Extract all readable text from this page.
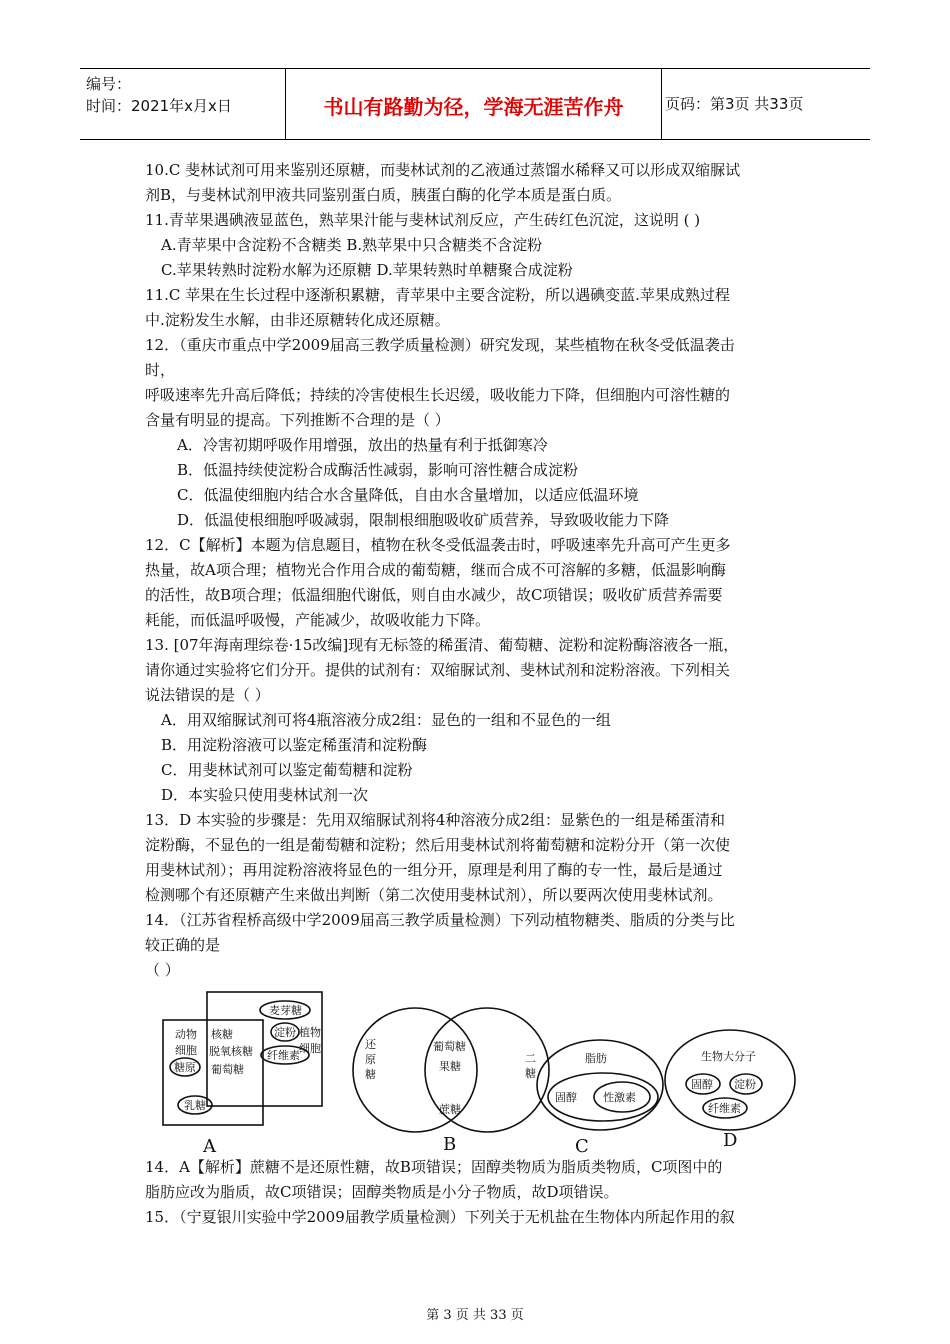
编号：
时间：2021年x月x日	书山有路勤为径，学海无涯苦作舟	页码：第3页 共33页
10.C 斐林试剂可用来鉴别还原糖，而斐林试剂的乙液通过蒸馏水稀释又可以形成双缩脲试
剂B，与斐林试剂甲液共同鉴别蛋白质，胰蛋白酶的化学本质是蛋白质。
11.青苹果遇碘液显蓝色，熟苹果汁能与斐林试剂反应，产生砖红色沉淀，这说明 ( )
A.青苹果中含淀粉不含糖类 B.熟苹果中只含糖类不含淀粉
C.苹果转熟时淀粉水解为还原糖 D.苹果转熟时单糖聚合成淀粉
11.C 苹果在生长过程中逐渐积累糖，青苹果中主要含淀粉，所以遇碘变蓝.苹果成熟过程
中.淀粉发生水解，由非还原糖转化成还原糖。
12．（重庆市重点中学2009届高三教学质量检测）研究发现，某些植物在秋冬受低温袭击
时，
呼吸速率先升高后降低；持续的冷害使根生长迟缓，吸收能力下降，但细胞内可溶性糖的
含量有明显的提高。下列推断不合理的是（ ）
A．冷害初期呼吸作用增强，放出的热量有利于抵御寒冷
B．低温持续使淀粉合成酶活性减弱，影响可溶性糖合成淀粉
C．低温使细胞内结合水含量降低，自由水含量增加，以适应低温环境
D．低温使根细胞呼吸减弱，限制根细胞吸收矿质营养，导致吸收能力下降
12．C【解析】本题为信息题目，植物在秋冬受低温袭击时，呼吸速率先升高可产生更多
热量，故A项合理；植物光合作用合成的葡萄糖，继而合成不可溶解的多糖，低温影响酶
的活性，故B项合理；低温细胞代谢低，则自由水减少，故C项错误；吸收矿质营养需要
耗能，而低温呼吸慢，产能减少，故吸收能力下降。
13. [07年海南理综卷·15改编]现有无标签的稀蛋清、葡萄糖、淀粉和淀粉酶溶液各一瓶，
请你通过实验将它们分开。提供的试剂有：双缩脲试剂、斐林试剂和淀粉溶液。下列相关
说法错误的是（ ）
A．用双缩脲试剂可将4瓶溶液分成2组：显色的一组和不显色的一组
B．用淀粉溶液可以鉴定稀蛋清和淀粉酶
C．用斐林试剂可以鉴定葡萄糖和淀粉
D．本实验只使用斐林试剂一次
13．D 本实验的步骤是：先用双缩脲试剂将4种溶液分成2组：显紫色的一组是稀蛋清和
淀粉酶，不显色的一组是葡萄糖和淀粉；然后用斐林试剂将葡萄糖和淀粉分开（第一次使
用斐林试剂）；再用淀粉溶液将显色的一组分开，原理是利用了酶的专一性，最后是通过
检测哪个有还原糖产生来做出判断（第二次使用斐林试剂），所以要两次使用斐林试剂。
14．（江苏省程桥高级中学2009届高三教学质量检测）下列动植物糖类、脂质的分类与比
较正确的是
（ ）
动物
细胞
植物
细胞
核糖
脱氧核糖
葡萄糖
糖原
乳糖
麦芽糖
淀粉
纤维素
A
还
原
糖
二
糖
葡萄糖
果糖
蔗糖
B
脂肪
固醇 性激素
C
生物大分子
固醇 淀粉
纤维素
D
14．A【解析】蔗糖不是还原性糖，故B项错误；固醇类物质为脂质类物质，C项图中的
脂肪应改为脂质，故C项错误；固醇类物质是小分子物质，故D项错误。
15．（宁夏银川实验中学2009届教学质量检测）下列关于无机盐在生物体内所起作用的叙
第 3 页 共 33 页
